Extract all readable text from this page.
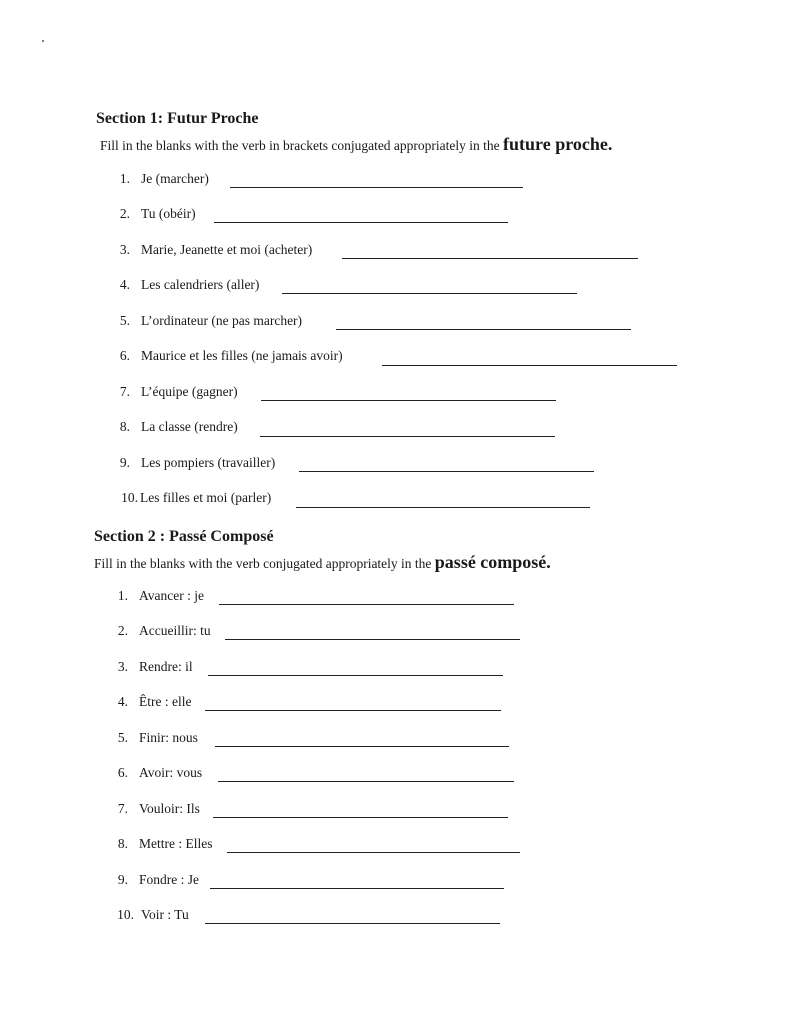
Section 1: Futur Proche
Fill in the blanks with the verb in brackets conjugated appropriately in the future proche.
1. Je (marcher)
2. Tu (obéir)
3. Marie, Jeanette et moi (acheter)
4. Les calendriers (aller)
5. L’ordinateur (ne pas marcher)
6. Maurice et les filles (ne jamais avoir)
7. L’équipe (gagner)
8. La classe (rendre)
9. Les pompiers (travailler)
10. Les filles et moi (parler)
Section 2 : Passé Composé
Fill in the blanks with the verb conjugated appropriately in the passé composé.
1. Avancer : je
2. Accueillir: tu
3. Rendre: il
4. Être : elle
5. Finir: nous
6. Avoir: vous
7. Vouloir: Ils
8. Mettre : Elles
9. Fondre : Je
10. Voir : Tu
